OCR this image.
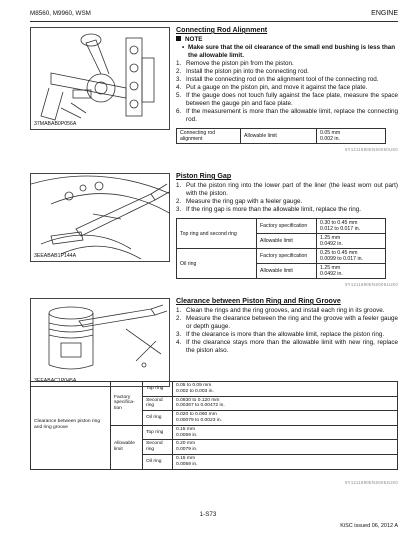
M8560, M9960, WSM	ENGINE
37MABAB0P056A
3EEABAB1P144A
3EEABAC1P045A
Connecting Rod Alignment
NOTE
• Make sure that the oil clearance of the small end bushing is less than the allowable limit.
1. Remove the piston pin from the piston.
2. Install the piston pin into the connecting rod.
3. Install the connecting rod on the alignment tool of the connecting rod.
4. Put a gauge on the piston pin, and move it against the face plate.
5. If the gauge does not touch fully against the face plate, measure the space between the gauge pin and face plate.
6. If the measurement is more than the allowable limit, replace the connecting rod.
Connecting rod alignment	Allowable limit	0.05 mm
0.002 in.
9Y1211690ENS0050US0
Piston Ring Gap
1. Put the piston ring into the lower part of the liner (the least worn out part) with the piston.
2. Measure the ring gap with a feeler gauge.
3. If the ring gap is more than the allowable limit, replace the ring.
Top ring and second ring	Factory specification	0.30 to 0.45 mm
0.012 to 0.017 in.

	Allowable limit	1.25 mm
0.0492 in.

Oil ring	Factory specification	0.25 to 0.45 mm
0.0099 to 0.017 in.

	Allowable limit	1.25 mm
0.0492 in.
9Y1211690ENS0051US0
Clearance between Piston Ring and Ring Groove
1. Clean the rings and the ring grooves, and install each ring in its groove.
2. Measure the clearance between the ring and the groove with a feeler gauge or depth gauge.
3. If the clearance is more than the allowable limit, replace the piston ring.
4. If the clearance stays more than the allowable limit with new ring, replace the piston also.
Clearance between piston ring and ring groove	Factory specifica-tion	Top ring	0.05 to 0.09 mm
0.002 to 0.003 in.

		Second ring	0.0930 to 0.120 mm
0.00367 to 0.00472 in.

		Oil ring	0.020 to 0.060 mm
0.00079 to 0.0023 in.

	Allowable limit	Top ring	0.15 mm
0.0059 in.

		Second ring	0.20 mm
0.0079 in.

		Oil ring	0.15 mm
0.0059 in.
9Y1211690ENS0052US0
1-S73
KiSC issued 06, 2012 A
